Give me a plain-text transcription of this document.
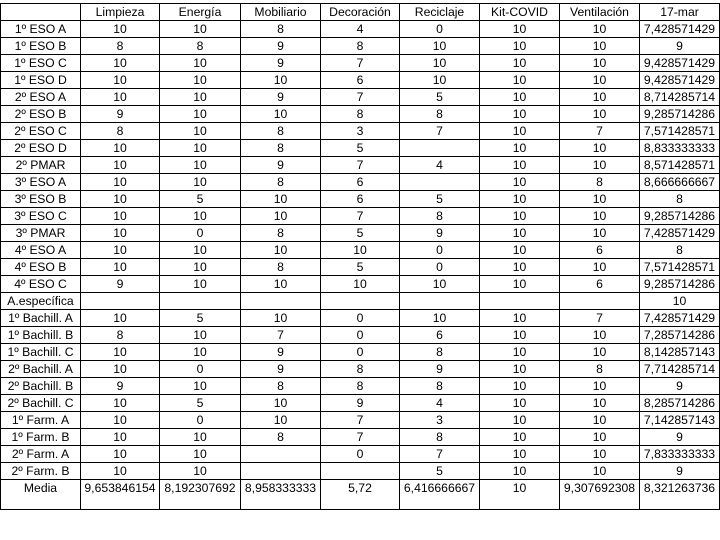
	Limpieza	Energía	Mobiliario	Decoración	Reciclaje	Kit-COVID	Ventilación	17-mar
1º ESO A	10	10	8	4	0	10	10	7,428571429
1º ESO B	8	8	9	8	10	10	10	9
1º ESO C	10	10	9	7	10	10	10	9,428571429
1º ESO D	10	10	10	6	10	10	10	9,428571429
2º ESO A	10	10	9	7	5	10	10	8,714285714
2º ESO B	9	10	10	8	8	10	10	9,285714286
2º ESO C	8	10	8	3	7	10	7	7,571428571
2º ESO D	10	10	8	5		10	10	8,833333333
2º PMAR	10	10	9	7	4	10	10	8,571428571
3º ESO A	10	10	8	6		10	8	8,666666667
3º ESO B	10	5	10	6	5	10	10	8
3º ESO C	10	10	10	7	8	10	10	9,285714286
3º PMAR	10	0	8	5	9	10	10	7,428571429
4º ESO A	10	10	10	10	0	10	6	8
4º ESO B	10	10	8	5	0	10	10	7,571428571
4º ESO C	9	10	10	10	10	10	6	9,285714286
A.específica								10
1º Bachill. A	10	5	10	0	10	10	7	7,428571429
1º Bachill. B	8	10	7	0	6	10	10	7,285714286
1º Bachill. C	10	10	9	0	8	10	10	8,142857143
2º Bachill. A	10	0	9	8	9	10	8	7,714285714
2º Bachill. B	9	10	8	8	8	10	10	9
2º Bachill. C	10	5	10	9	4	10	10	8,285714286
1º Farm. A	10	0	10	7	3	10	10	7,142857143
1º Farm. B	10	10	8	7	8	10	10	9
2º Farm. A	10	10		0	7	10	10	7,833333333
2º Farm. B	10	10			5	10	10	9
Media	9,653846154	8,192307692	8,958333333	5,72	6,416666667	10	9,307692308	8,321263736
